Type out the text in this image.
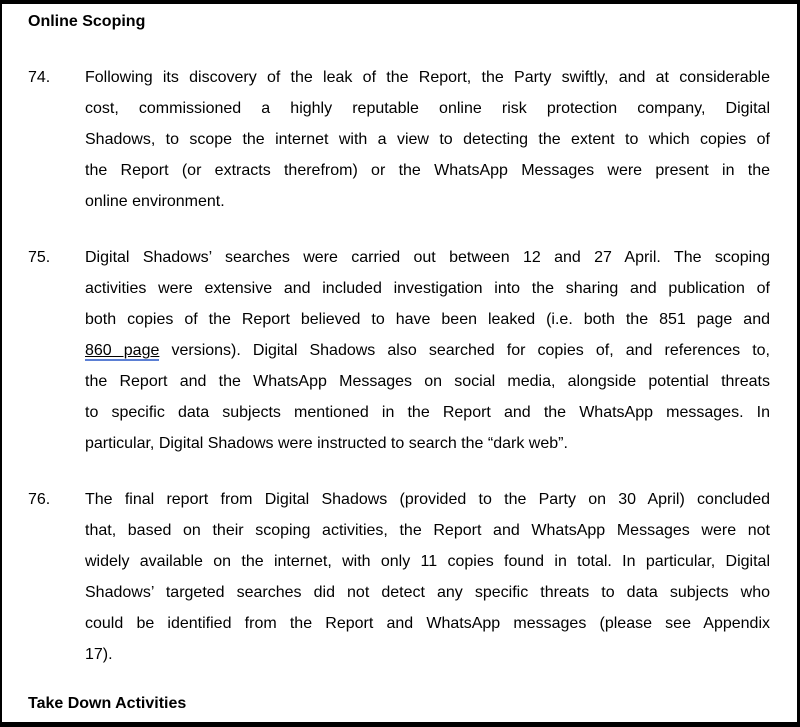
Online Scoping
74.	Following its discovery of the leak of the Report, the Party swiftly, and at considerable
cost, commissioned a highly reputable online risk protection company, Digital
Shadows, to scope the internet with a view to detecting the extent to which copies of
the Report (or extracts therefrom) or the WhatsApp Messages were present in the
online environment.
75.	Digital Shadows’ searches were carried out between 12 and 27 April. The scoping
activities were extensive and included investigation into the sharing and publication of
both copies of the Report believed to have been leaked (i.e. both the 851 page and
860 page versions). Digital Shadows also searched for copies of, and references to,
the Report and the WhatsApp Messages on social media, alongside potential threats
to specific data subjects mentioned in the Report and the WhatsApp messages. In
particular, Digital Shadows were instructed to search the “dark web”.
76.	The final report from Digital Shadows (provided to the Party on 30 April) concluded
that, based on their scoping activities, the Report and WhatsApp Messages were not
widely available on the internet, with only 11 copies found in total. In particular, Digital
Shadows’ targeted searches did not detect any specific threats to data subjects who
could be identified from the Report and WhatsApp messages (please see Appendix
17).
Take Down Activities
